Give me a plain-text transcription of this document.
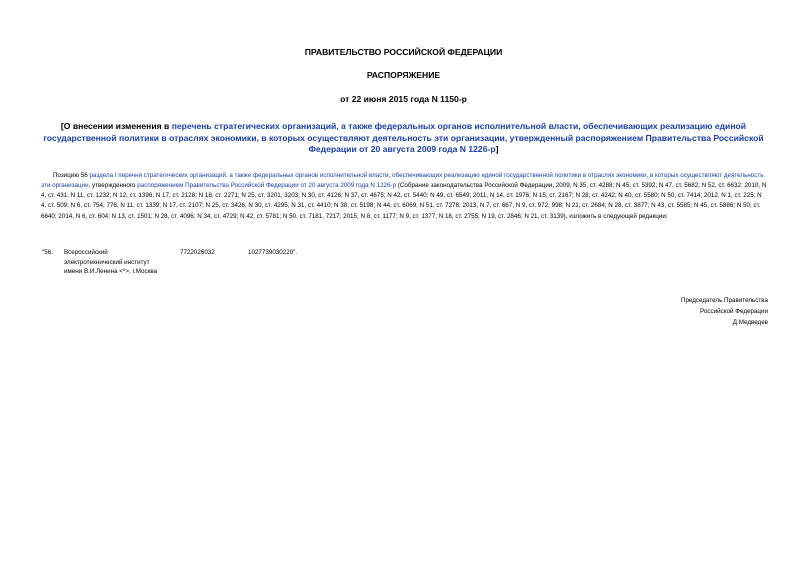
ПРАВИТЕЛЬСТВО РОССИЙСКОЙ ФЕДЕРАЦИИ
РАСПОРЯЖЕНИЕ
от 22 июня 2015 года N 1150-р
[О внесении изменения в перечень стратегических организаций, а также федеральных органов исполнительной власти, обеспечивающих реализацию единой государственной политики в отраслях экономики, в которых осуществляют деятельность эти организации, утвержденный распоряжением Правительства Российской Федерации от 20 августа 2009 года N 1226-р]
Позицию 56 раздела I перечня стратегических организаций, а также федеральных органов исполнительной власти, обеспечивающих реализацию единой государственной политики в отраслях экономики, в которых осуществляют деятельность эти организации, утвержденного распоряжением Правительства Российской Федерации от 20 августа 2009 года N 1226-р (Собрание законодательства Российской Федерации, 2009, N 35, ст. 4288; N 45, ст. 5392; N 47, ст. 5682; N 52, ст. 6632; 2010, N 4, ст. 431; N 11, ст. 1232; N 12, ст. 1396; N 17, ст. 2128; N 18, ст. 2271; N 25, ст. 3201, 3203; N 30, ст. 4126; N 37, ст. 4675; N 42, ст. 5440; N 49, ст. 6549; 2011, N 14, ст. 1976; N 15, ст. 2167; N 28, ст. 4242; N 40, ст. 5580; N 50, ст. 7414; 2012, N 1, ст. 225; N 4, ст. 509; N 6, ст. 754, 776; N 11, ст. 1339; N 17, ст. 2107; N 25, ст. 3426; N 30, ст. 4295; N 31, ст. 4410; N 38, ст. 5198; N 44, ст. 6069; N 51, ст. 7278; 2013, N 7, ст. 667; N 9, ст. 972, 998; N 21, ст. 2684; N 28, ст. 3877; N 43, ст. 5585; N 45, ст. 5886; N 50, ст. 6640; 2014, N 6, ст. 604; N 13, ст. 1501; N 28, ст. 4096; N 34, ст. 4729; N 42, ст. 5781; N 50, ст. 7181, 7217; 2015, N 8, ст. 1177; N 9, ст. 1377; N 18, ст. 2755; N 19, ст. 2846; N 21, ст. 3139), изложить в следующей редакции:
"56. Всероссийский
электротехнический институт
имени В.И.Ленина <*>, г.Москва
7722026032	1027739030220".
Председатель Правительства
Российской Федерации
Д.Медведев
